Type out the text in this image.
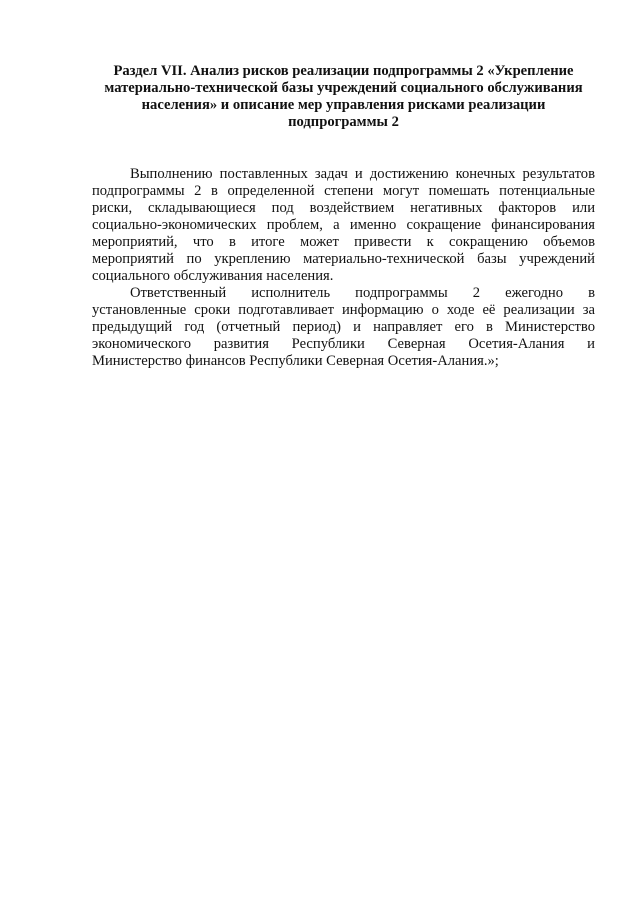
Раздел VII. Анализ рисков реализации подпрограммы 2 «Укрепление
материально-технической базы учреждений социального обслуживания
населения» и описание мер управления рисками реализации
подпрограммы 2
Выполнению поставленных задач и достижению конечных результатов
подпрограммы 2 в определенной степени могут помешать потенциальные
риски, складывающиеся под воздействием негативных факторов или
социально-экономических проблем, а именно сокращение финансирования
мероприятий, что в итоге может привести к сокращению объемов
мероприятий по укреплению материально-технической базы учреждений
социального обслуживания населения.
Ответственный исполнитель подпрограммы 2 ежегодно в
установленные сроки подготавливает информацию о ходе её реализации за
предыдущий год (отчетный период) и направляет его в Министерство
экономического развития Республики Северная Осетия-Алания и
Министерство финансов Республики Северная Осетия-Алания.»;
